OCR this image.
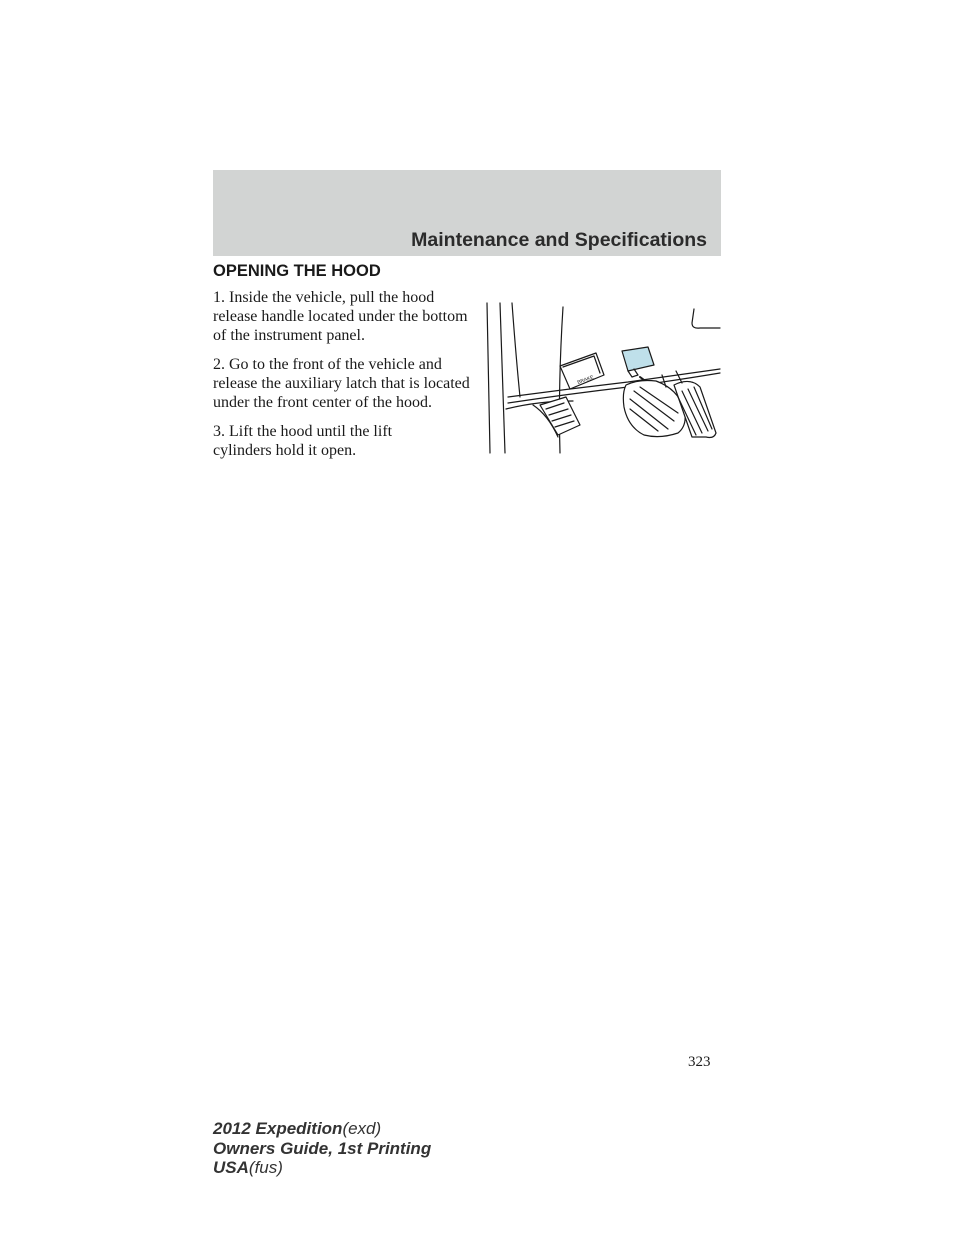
Maintenance and Specifications
OPENING THE HOOD
1. Inside the vehicle, pull the hood release handle located under the bottom of the instrument panel.
2. Go to the front of the vehicle and release the auxiliary latch that is located under the front center of the hood.
3. Lift the hood until the lift cylinders hold it open.
BRAKE
323
2012 Expedition(exd)
Owners Guide, 1st Printing
USA(fus)
